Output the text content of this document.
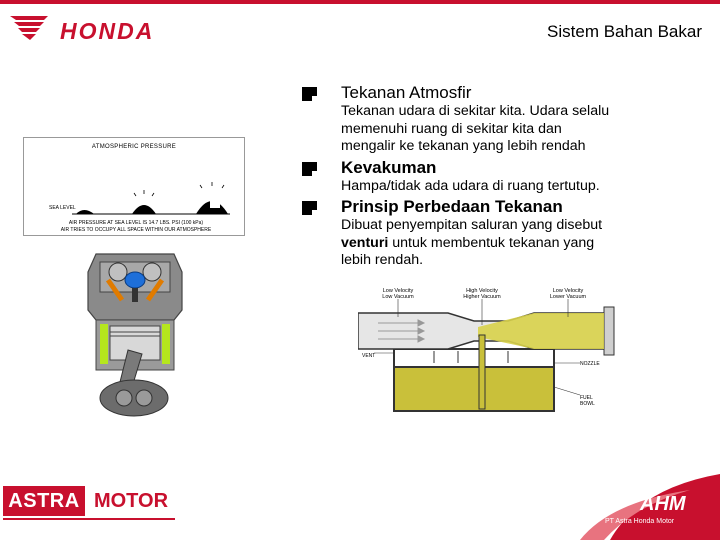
HONDA	Sistem Bahan Bakar
ATMOSPHERIC PRESSURE
SEA LEVEL
AIR PRESSURE AT SEA LEVEL IS 14.7 LBS. PSI (100 kPa)
AIR TRIES TO OCCUPY ALL SPACE WITHIN OUR ATMOSPHERE
Tekanan Atmosfir
Tekanan udara di sekitar kita. Udara selalu
memenuhi ruang di sekitar kita dan
mengalir ke tekanan yang lebih rendah
Kevakuman
Hampa/tidak ada udara di ruang tertutup.
Prinsip Perbedaan Tekanan
Dibuat penyempitan saluran yang disebut
venturi untuk membentuk tekanan yang
lebih rendah.
Low Velocity
Low Vacuum
High Velocity
Higher Vacuum
Low Velocity
Lower Vacuum
VENT
NOZZLE
FUEL
BOWL
ASTRA MOTOR	AHM
PT Astra Honda Motor
